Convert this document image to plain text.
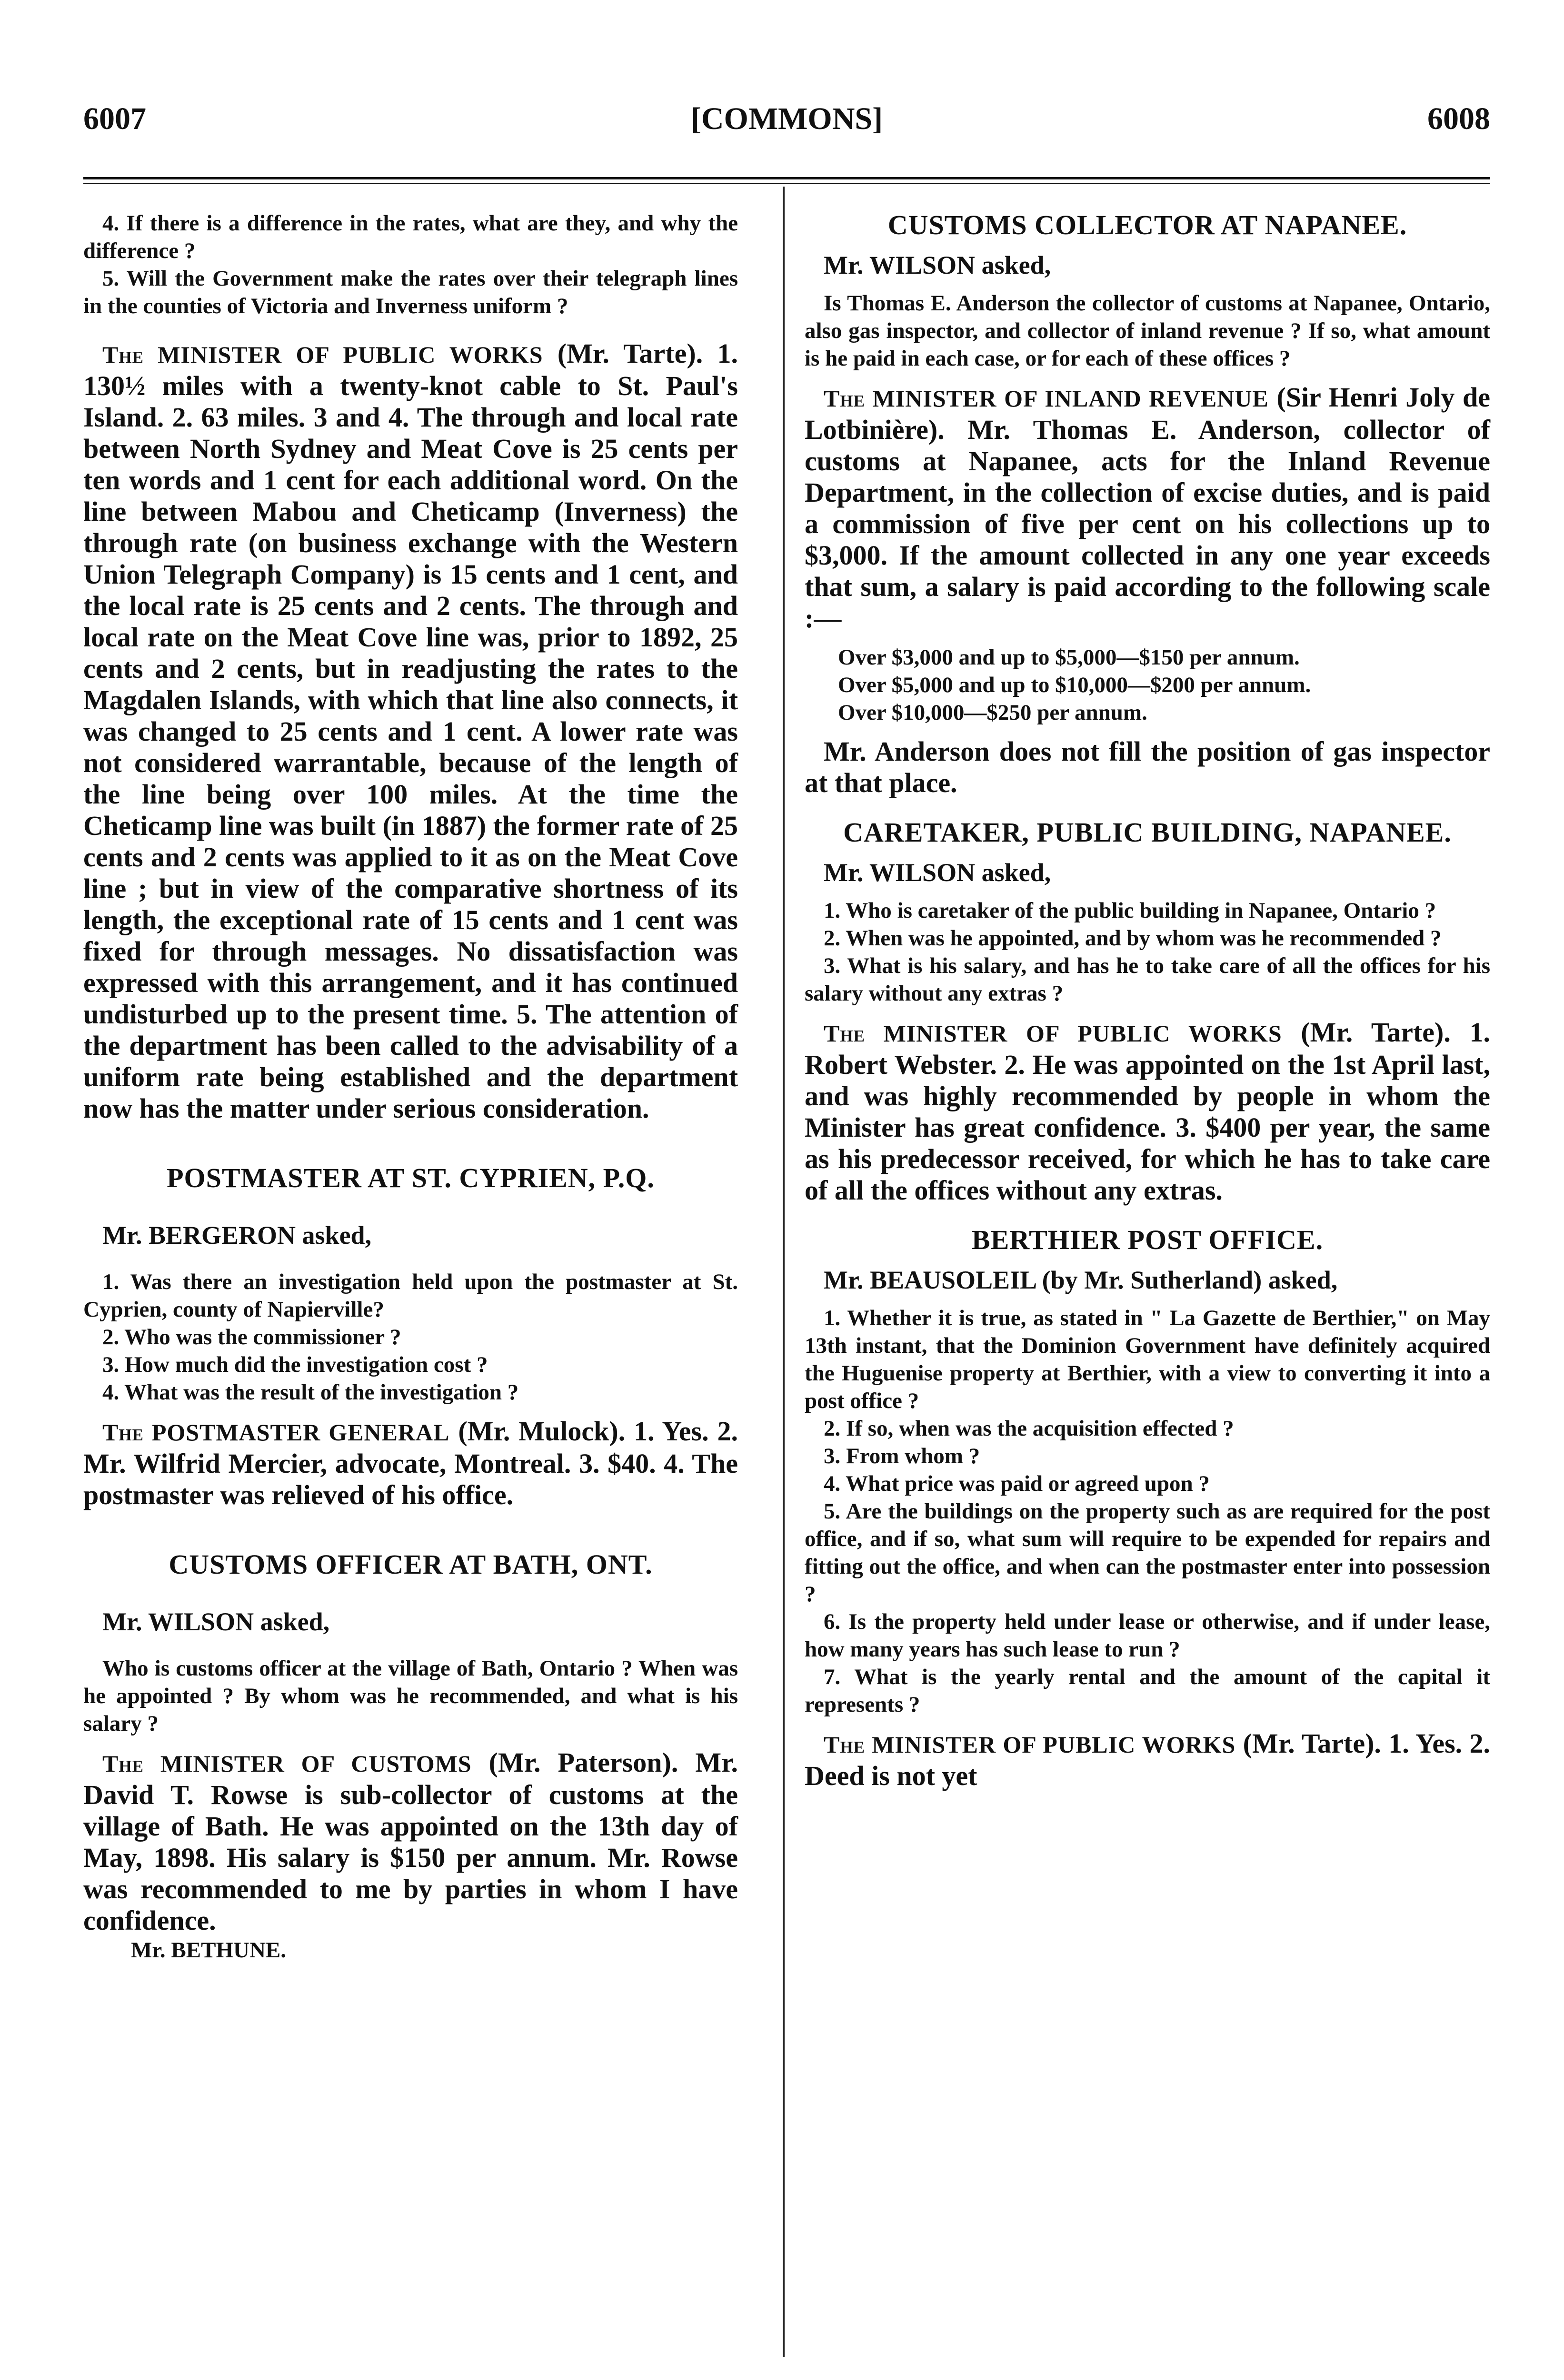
6007	[COMMONS]	6008

4. If there is a difference in the rates, what are they, and why the difference ?

5. Will the Government make the rates over their telegraph lines in the counties of Victoria and Inverness uniform ?

The MINISTER OF PUBLIC WORKS (Mr. Tarte). 1. 130½ miles with a twenty-knot cable to St. Paul's Island. 2. 63 miles. 3 and 4. The through and local rate between North Sydney and Meat Cove is 25 cents per ten words and 1 cent for each additional word. On the line between Mabou and Cheticamp (Inverness) the through rate (on business exchange with the Western Union Telegraph Company) is 15 cents and 1 cent, and the local rate is 25 cents and 2 cents. The through and local rate on the Meat Cove line was, prior to 1892, 25 cents and 2 cents, but in readjusting the rates to the Magdalen Islands, with which that line also connects, it was changed to 25 cents and 1 cent. A lower rate was not considered warrantable, because of the length of the line being over 100 miles. At the time the Cheticamp line was built (in 1887) the former rate of 25 cents and 2 cents was applied to it as on the Meat Cove line ; but in view of the comparative shortness of its length, the exceptional rate of 15 cents and 1 cent was fixed for through messages. No dissatisfaction was expressed with this arrangement, and it has continued undisturbed up to the present time. 5. The attention of the department has been called to the advisability of a uniform rate being established and the department now has the matter under serious consideration.

POSTMASTER AT ST. CYPRIEN, P.Q.

Mr. BERGERON asked,

1. Was there an investigation held upon the postmaster at St. Cyprien, county of Napierville?

2. Who was the commissioner ?

3. How much did the investigation cost ?

4. What was the result of the investigation ?

The POSTMASTER GENERAL (Mr. Mulock). 1. Yes. 2. Mr. Wilfrid Mercier, advocate, Montreal. 3. $40. 4. The postmaster was relieved of his office.

CUSTOMS OFFICER AT BATH, ONT.

Mr. WILSON asked,

Who is customs officer at the village of Bath, Ontario ? When was he appointed ? By whom was he recommended, and what is his salary ?

The MINISTER OF CUSTOMS (Mr. Paterson). Mr. David T. Rowse is sub-collector of customs at the village of Bath. He was appointed on the 13th day of May, 1898. His salary is $150 per annum. Mr. Rowse was recommended to me by parties in whom I have confidence.

Mr. BETHUNE.

CUSTOMS COLLECTOR AT NAPANEE.

Mr. WILSON asked,

Is Thomas E. Anderson the collector of customs at Napanee, Ontario, also gas inspector, and collector of inland revenue ? If so, what amount is he paid in each case, or for each of these offices ?

The MINISTER OF INLAND REVENUE (Sir Henri Joly de Lotbinière). Mr. Thomas E. Anderson, collector of customs at Napanee, acts for the Inland Revenue Department, in the collection of excise duties, and is paid a commission of five per cent on his collections up to $3,000. If the amount collected in any one year exceeds that sum, a salary is paid according to the following scale :—

Over $3,000 and up to $5,000—$150 per annum.

Over $5,000 and up to $10,000—$200 per annum.

Over $10,000—$250 per annum.

Mr. Anderson does not fill the position of gas inspector at that place.

CARETAKER, PUBLIC BUILDING, NAPANEE.

Mr. WILSON asked,

1. Who is caretaker of the public building in Napanee, Ontario ?

2. When was he appointed, and by whom was he recommended ?

3. What is his salary, and has he to take care of all the offices for his salary without any extras ?

The MINISTER OF PUBLIC WORKS (Mr. Tarte). 1. Robert Webster. 2. He was appointed on the 1st April last, and was highly recommended by people in whom the Minister has great confidence. 3. $400 per year, the same as his predecessor received, for which he has to take care of all the offices without any extras.

BERTHIER POST OFFICE.

Mr. BEAUSOLEIL (by Mr. Sutherland) asked,

1. Whether it is true, as stated in " La Gazette de Berthier," on May 13th instant, that the Dominion Government have definitely acquired the Huguenise property at Berthier, with a view to converting it into a post office ?

2. If so, when was the acquisition effected ?

3. From whom ?

4. What price was paid or agreed upon ?

5. Are the buildings on the property such as are required for the post office, and if so, what sum will require to be expended for repairs and fitting out the office, and when can the postmaster enter into possession ?

6. Is the property held under lease or otherwise, and if under lease, how many years has such lease to run ?

7. What is the yearly rental and the amount of the capital it represents ?

The MINISTER OF PUBLIC WORKS (Mr. Tarte). 1. Yes. 2. Deed is not yet
